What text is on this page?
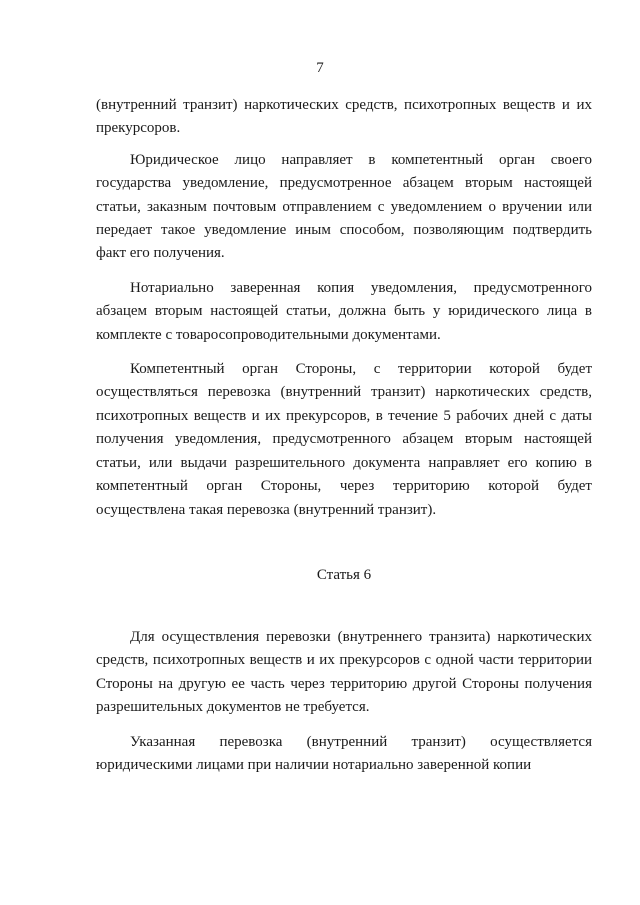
7

(внутренний транзит) наркотических средств, психотропных веществ и их прекурсоров.

Юридическое лицо направляет в компетентный орган своего государства уведомление, предусмотренное абзацем вторым настоящей статьи, заказным почтовым отправлением с уведомлением о вручении или передает такое уведомление иным способом, позволяющим подтвердить факт его получения.

Нотариально заверенная копия уведомления, предусмотренного абзацем вторым настоящей статьи, должна быть у юридического лица в комплекте с товаросопроводительными документами.

Компетентный орган Стороны, с территории которой будет осуществляться перевозка (внутренний транзит) наркотических средств, психотропных веществ и их прекурсоров, в течение 5 рабочих дней с даты получения уведомления, предусмотренного абзацем вторым настоящей статьи, или выдачи разрешительного документа направляет его копию в компетентный орган Стороны, через территорию которой будет осуществлена такая перевозка (внутренний транзит).

Статья 6

Для осуществления перевозки (внутреннего транзита) наркотических средств, психотропных веществ и их прекурсоров с одной части территории Стороны на другую ее часть через территорию другой Стороны получения разрешительных документов не требуется.

Указанная перевозка (внутренний транзит) осуществляется юридическими лицами при наличии нотариально заверенной копии
